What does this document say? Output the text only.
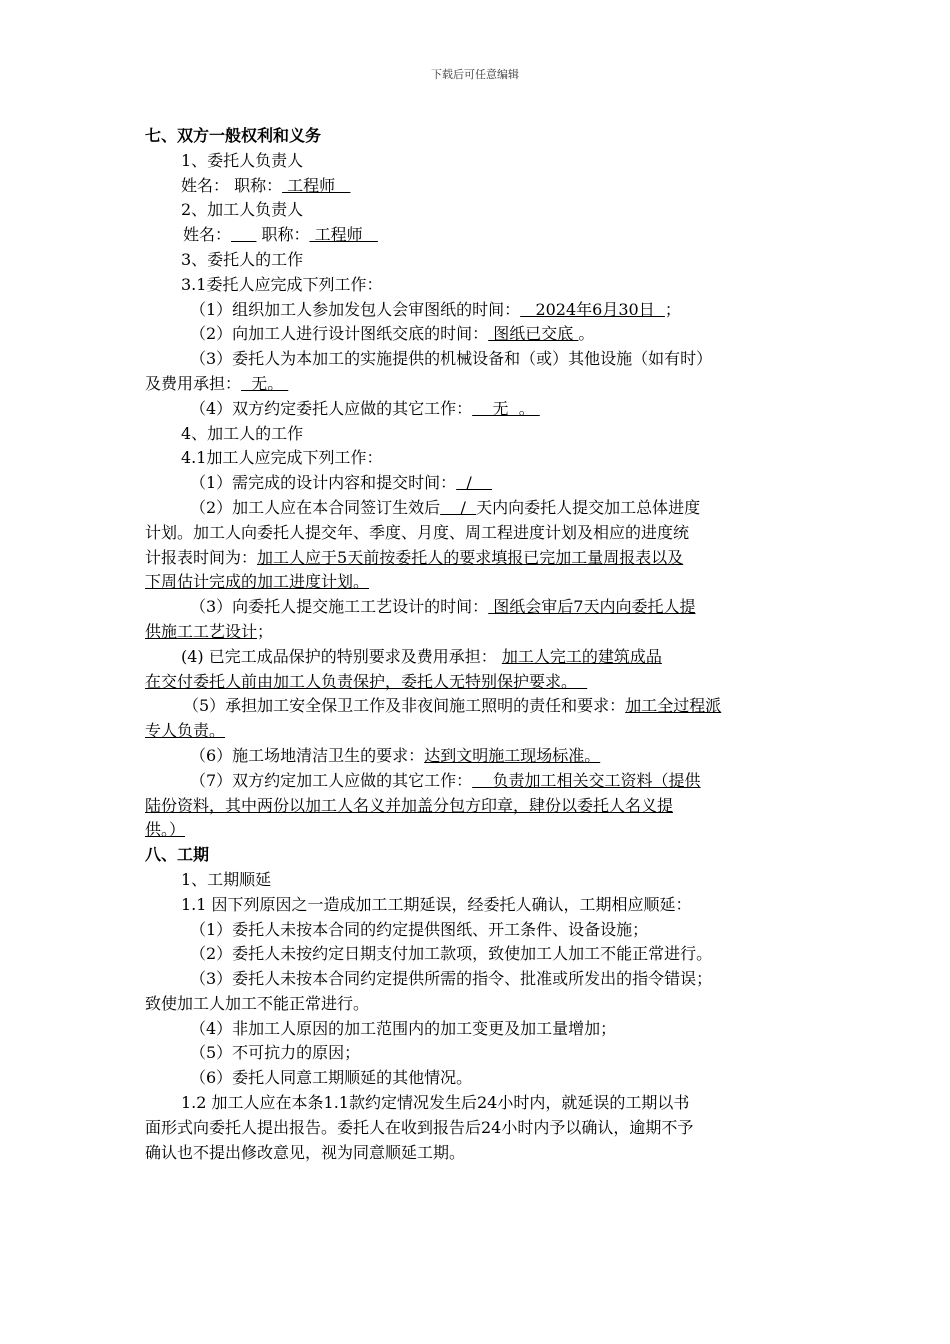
下载后可任意编辑
七、双方一般权利和义务
1、委托人负责人
姓名： 职称： 工程师
2、加工人负责人
姓名：      职称： 工程师
3、委托人的工作
3.1委托人应完成下列工作：
（1）组织加工人参加发包人会审图纸的时间：   2024年6月30日  ；
（2）向加工人进行设计图纸交底的时间： 图纸已交底 。
（3）委托人为本加工的实施提供的机械设备和（或）其他设施（如有时）
及费用承担：  无。
（4）双方约定委托人应做的其它工作：    无  。
4、加工人的工作
4.1加工人应完成下列工作：
（1）需完成的设计内容和提交时间：  /
（2）加工人应在本合同签订生效后    /  天内向委托人提交加工总体进度
计划。加工人向委托人提交年、季度、月度、周工程进度计划及相应的进度统
计报表时间为：加工人应于5天前按委托人的要求填报已完加工量周报表以及
下周估计完成的加工进度计划。
（3）向委托人提交施工工艺设计的时间： 图纸会审后7天内向委托人提
供施工工艺设计；
(4) 已完工成品保护的特别要求及费用承担： 加工人完工的建筑成品
在交付委托人前由加工人负责保护，委托人无特别保护要求。
（5）承担加工安全保卫工作及非夜间施工照明的责任和要求：加工全过程派
专人负责。
（6）施工场地清洁卫生的要求：达到文明施工现场标准。
（7）双方约定加工人应做的其它工作：    负责加工相关交工资料（提供
陆份资料，其中两份以加工人名义并加盖分包方印章，肆份以委托人名义提
供。）
八、工期
1、工期顺延
1.1 因下列原因之一造成加工工期延误，经委托人确认，工期相应顺延：
（1）委托人未按本合同的约定提供图纸、开工条件、设备设施；
（2）委托人未按约定日期支付加工款项，致使加工人加工不能正常进行。
（3）委托人未按本合同约定提供所需的指令、批准或所发出的指令错误；
致使加工人加工不能正常进行。
（4）非加工人原因的加工范围内的加工变更及加工量增加；
（5）不可抗力的原因；
（6）委托人同意工期顺延的其他情况。
1.2 加工人应在本条1.1款约定情况发生后24小时内，就延误的工期以书
面形式向委托人提出报告。委托人在收到报告后24小时内予以确认，逾期不予
确认也不提出修改意见，视为同意顺延工期。
